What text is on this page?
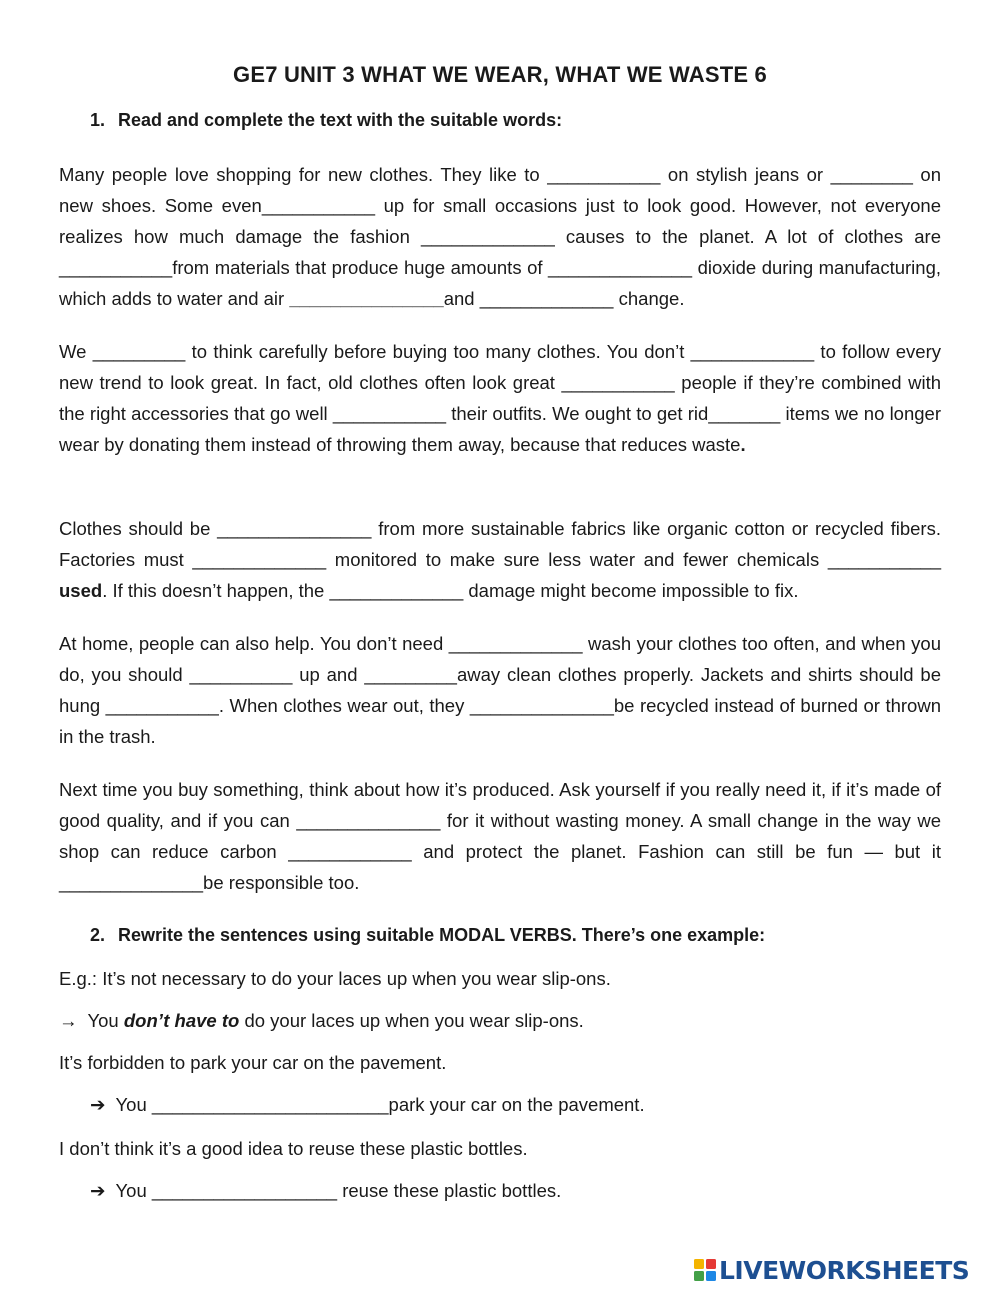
GE7 UNIT 3 WHAT WE WEAR, WHAT WE WASTE 6
1. Read and complete the text with the suitable words:
Many people love shopping for new clothes. They like to ___________ on stylish jeans or ________ on new shoes. Some even___________ up for small occasions just to look good. However, not everyone realizes how much damage the fashion _____________ causes to the planet. A lot of clothes are ___________from materials that produce huge amounts of ______________ dioxide during manufacturing, which adds to water and air _______________and _____________ change.
We _________ to think carefully before buying too many clothes. You don’t ____________ to follow every new trend to look great. In fact, old clothes often look great ___________ people if they’re combined with the right accessories that go well ___________ their outfits. We ought to get rid_______ items we no longer wear by donating them instead of throwing them away, because that reduces waste.
Clothes should be _______________ from more sustainable fabrics like organic cotton or recycled fibers. Factories must _____________ monitored to make sure less water and fewer chemicals ___________ used. If this doesn’t happen, the _____________ damage might become impossible to fix.
At home, people can also help. You don’t need _____________ wash your clothes too often, and when you do, you should __________ up and _________away clean clothes properly. Jackets and shirts should be hung ___________. When clothes wear out, they ______________be recycled instead of burned or thrown in the trash.
Next time you buy something, think about how it’s produced. Ask yourself if you really need it, if it’s made of good quality, and if you can ______________ for it without wasting money. A small change in the way we shop can reduce carbon ____________ and protect the planet. Fashion can still be fun — but it ______________be responsible too.
2. Rewrite the sentences using suitable MODAL VERBS. There’s one example:
E.g.: It’s not necessary to do your laces up when you wear slip-ons.
→ You don’t have to do your laces up when you wear slip-ons.
It’s forbidden to park your car on the pavement.
➔ You _______________________park your car on the pavement.
I don’t think it’s a good idea to reuse these plastic bottles.
➔ You __________________ reuse these plastic bottles.
LIVEWORKSHEETS
